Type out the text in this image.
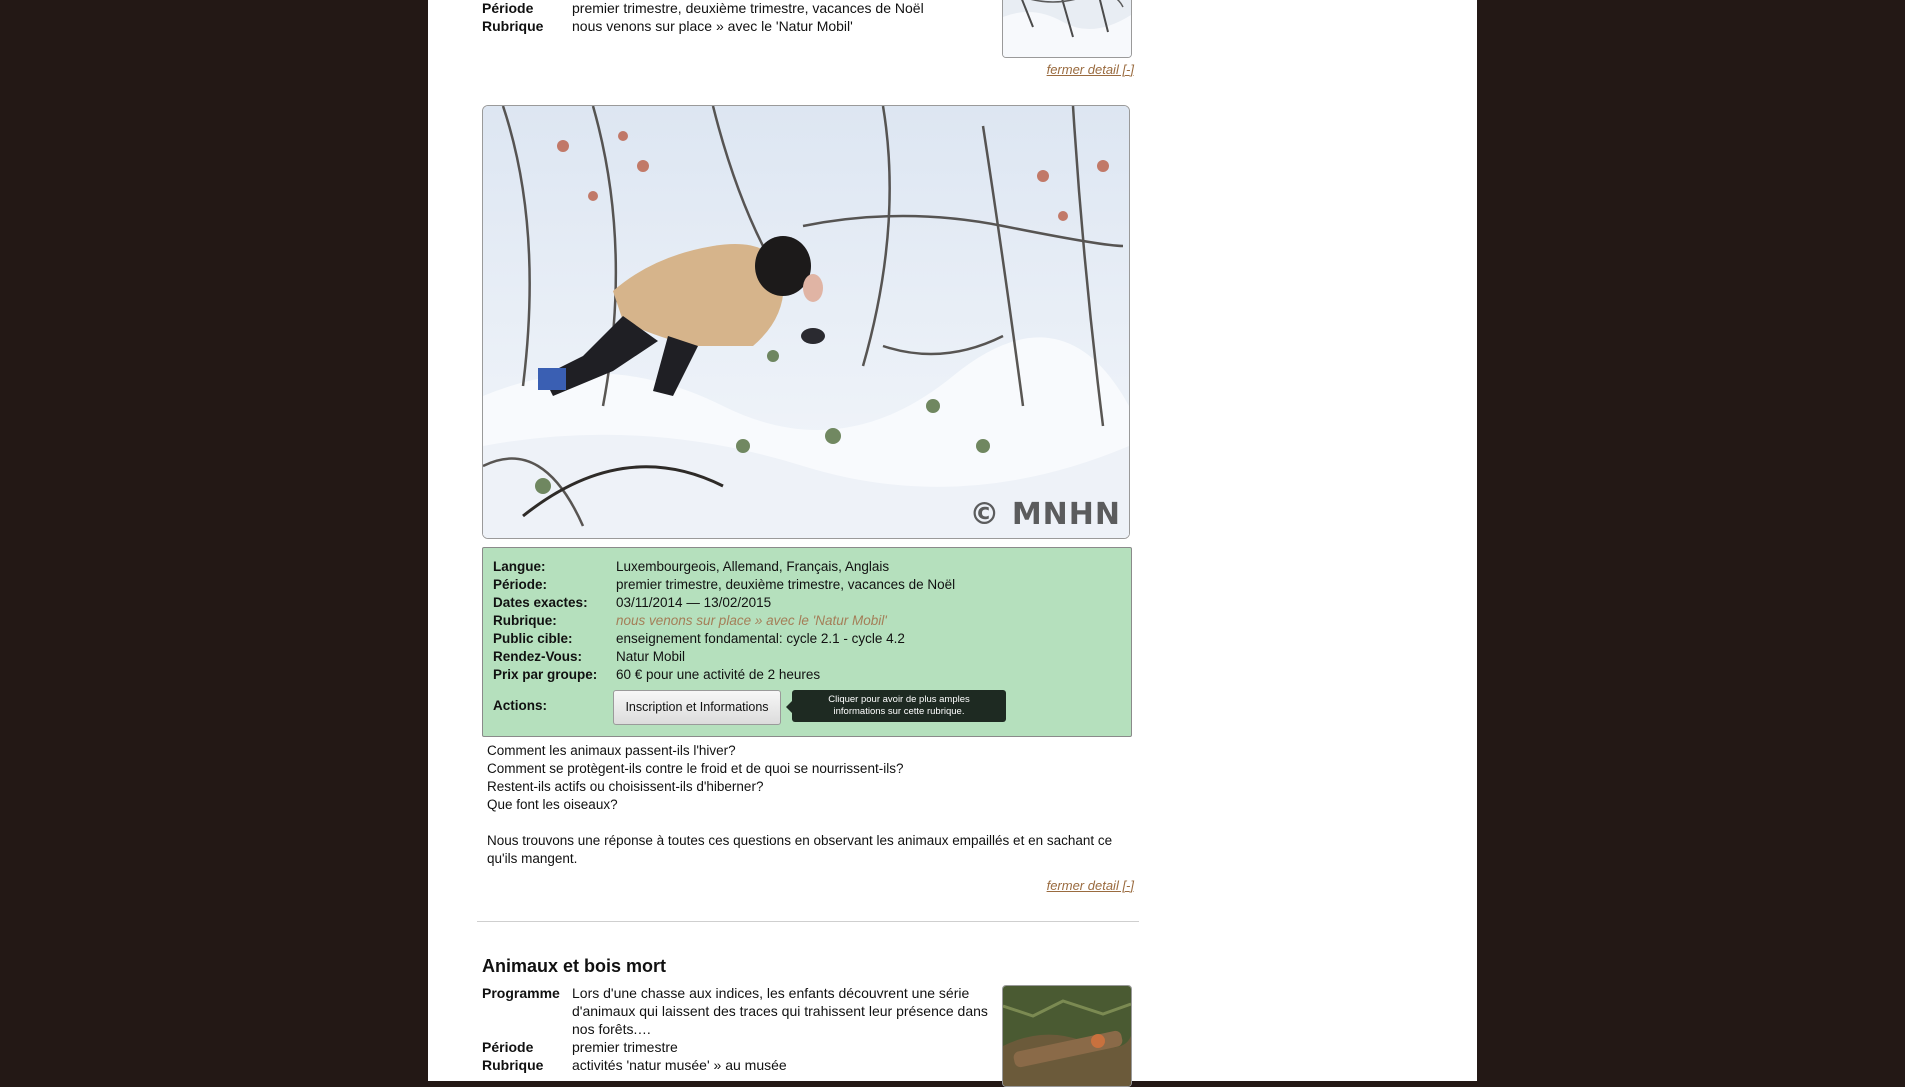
Période	premier trimestre, deuxième trimestre, vacances de Noël
Rubrique	nous venons sur place » avec le 'Natur Mobil'
fermer detail [-]
© MNHN
Langue:	Luxembourgeois, Allemand, Français, Anglais
Période:	premier trimestre, deuxième trimestre, vacances de Noël
Dates exactes:	03/11/2014 — 13/02/2015
Rubrique:	nous venons sur place » avec le 'Natur Mobil'
Public cible:	enseignement fondamental: cycle 2.1 - cycle 4.2
Rendez-Vous:	Natur Mobil
Prix par groupe:	60 € pour une activité de 2 heures
Actions:	Inscription et Informations
Cliquer pour avoir de plus amples
informations sur cette rubrique.

Comment les animaux passent-ils l'hiver?

Comment se protègent-ils contre le froid et de quoi se nourrissent-ils?

Restent-ils actifs ou choisissent-ils d'hiberner?

Que font les oiseaux?

Nous trouvons une réponse à toutes ces questions en observant les animaux empaillés et en sachant ce qu'ils mangent.

fermer detail [-]
Animaux et bois mort
Programme Lors d'une chasse aux indices, les enfants découvrent une série d'animaux qui laissent des traces qui trahissent leur présence dans nos forêts.…
Période	premier trimestre
Rubrique activités 'natur musée' » au musée
